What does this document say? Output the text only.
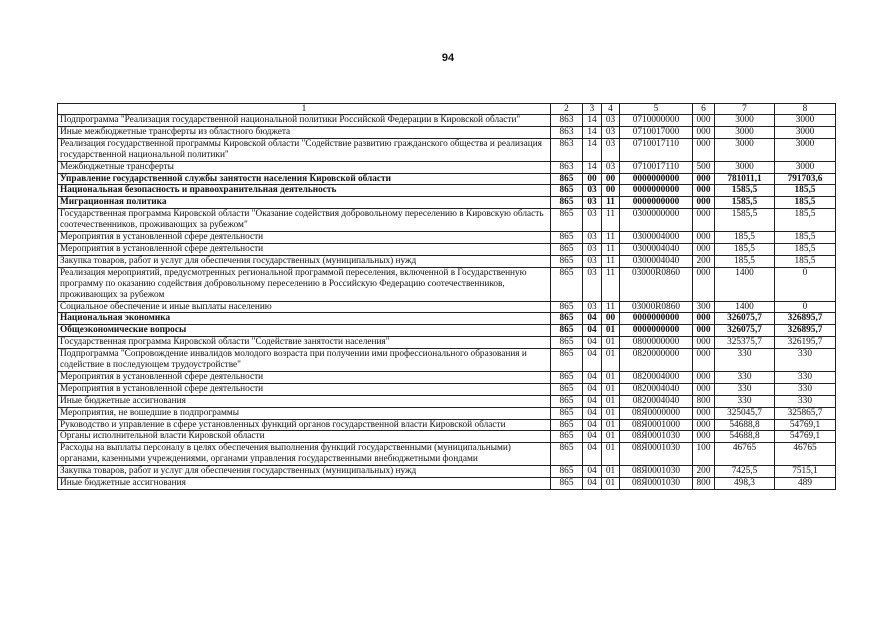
94
1	2	3	4	5	6	7	8
Подпрограмма "Реализация государственной национальной политики Российской Федерации в Кировской области"	863	14	03	0710000000	000	3000	3000
Иные межбюджетные трансферты из областного бюджета	863	14	03	0710017000	000	3000	3000
Реализация государственной программы Кировской области "Содействие развитию гражданского общества и реализация государственной национальной политики"	863	14	03	0710017110	000	3000	3000
Межбюджетные трансферты	863	14	03	0710017110	500	3000	3000
Управление государственной службы занятости населения Кировской области	865	00	00	0000000000	000	781011,1	791703,6
Национальная безопасность и правоохранительная деятельность	865	03	00	0000000000	000	1585,5	185,5
Миграционная политика	865	03	11	0000000000	000	1585,5	185,5
Государственная программа Кировской области "Оказание содействия добровольному переселению в Кировскую область соотечественников, проживающих за рубежом"	865	03	11	0300000000	000	1585,5	185,5
Мероприятия в установленной сфере деятельности	865	03	11	0300004000	000	185,5	185,5
Мероприятия в установленной сфере деятельности	865	03	11	0300004040	000	185,5	185,5
Закупка товаров, работ и услуг для обеспечения государственных (муниципальных) нужд	865	03	11	0300004040	200	185,5	185,5
Реализация мероприятий, предусмотренных региональной программой переселения, включенной в Государственную программу по оказанию содействия добровольному переселению в Российскую Федерацию соотечественников, проживающих за рубежом	865	03	11	03000R0860	000	1400	0
Социальное обеспечение и иные выплаты населению	865	03	11	03000R0860	300	1400	0
Национальная экономика	865	04	00	0000000000	000	326075,7	326895,7
Общеэкономические вопросы	865	04	01	0000000000	000	326075,7	326895,7
Государственная программа Кировской области "Содействие занятости населения"	865	04	01	0800000000	000	325375,7	326195,7
Подпрограмма "Сопровождение инвалидов молодого возраста при получении ими профессионального образования и содействие в последующем трудоустройстве"	865	04	01	0820000000	000	330	330
Мероприятия в установленной сфере деятельности	865	04	01	0820004000	000	330	330
Мероприятия в установленной сфере деятельности	865	04	01	0820004040	000	330	330
Иные бюджетные ассигнования	865	04	01	0820004040	800	330	330
Мероприятия, не вошедшие в подпрограммы	865	04	01	08Я0000000	000	325045,7	325865,7
Руководство и управление в сфере установленных функций органов государственной власти Кировской области	865	04	01	08Я0001000	000	54688,8	54769,1
Органы исполнительной власти Кировской области	865	04	01	08Я0001030	000	54688,8	54769,1
Расходы на выплаты персоналу в целях обеспечения выполнения функций государственными (муниципальными) органами, казенными учреждениями, органами управления государственными внебюджетными фондами	865	04	01	08Я0001030	100	46765	46765
Закупка товаров, работ и услуг для обеспечения государственных (муниципальных) нужд	865	04	01	08Я0001030	200	7425,5	7515,1
Иные бюджетные ассигнования	865	04	01	08Я0001030	800	498,3	489
